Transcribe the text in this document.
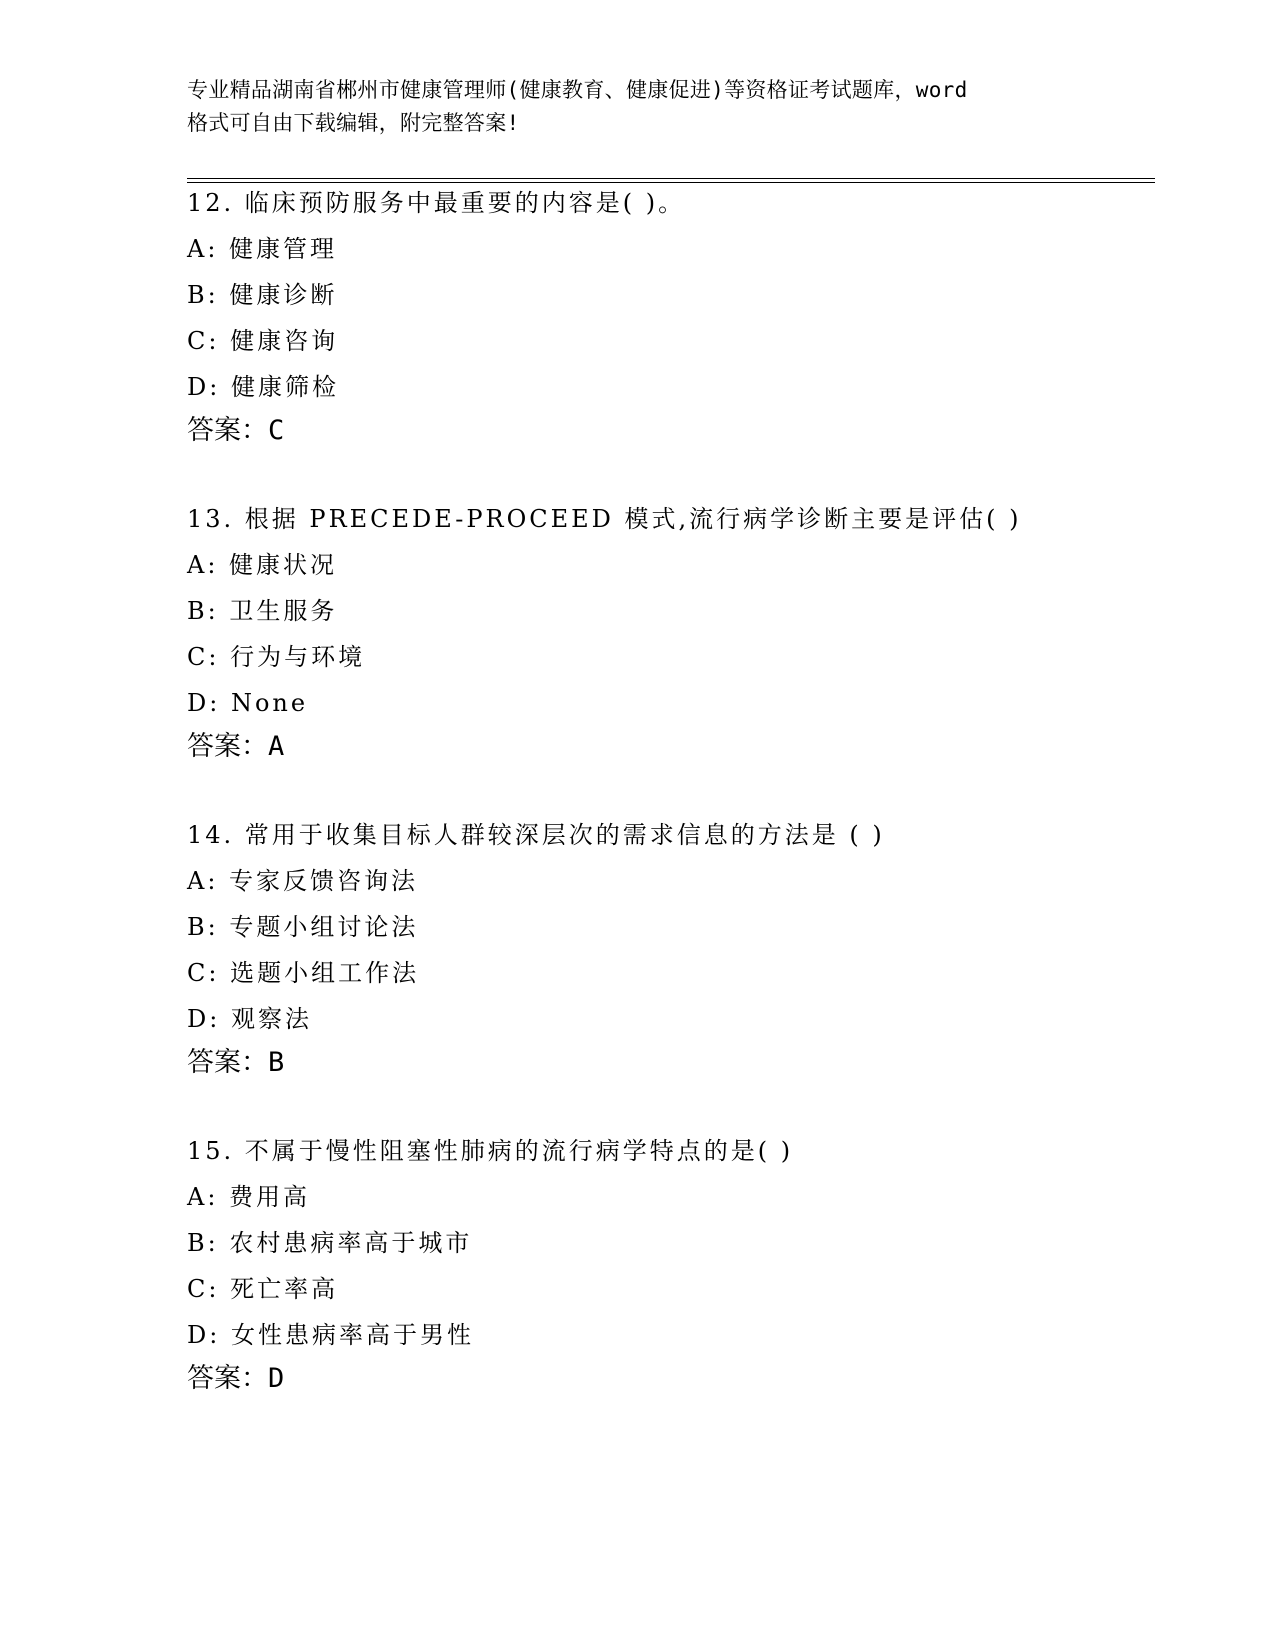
专业精品湖南省郴州市健康管理师(健康教育、健康促进)等资格证考试题库，word
格式可自由下载编辑，附完整答案!
12. 临床预防服务中最重要的内容是( )。
A: 健康管理
B: 健康诊断
C: 健康咨询
D: 健康筛检
答案：C
13. 根据 PRECEDE-PROCEED 模式,流行病学诊断主要是评估( )
A: 健康状况
B: 卫生服务
C: 行为与环境
D: None
答案：A
14. 常用于收集目标人群较深层次的需求信息的方法是 ( )
A: 专家反馈咨询法
B: 专题小组讨论法
C: 选题小组工作法
D: 观察法
答案：B
15. 不属于慢性阻塞性肺病的流行病学特点的是( )
A: 费用高
B: 农村患病率高于城市
C: 死亡率高
D: 女性患病率高于男性
答案：D
